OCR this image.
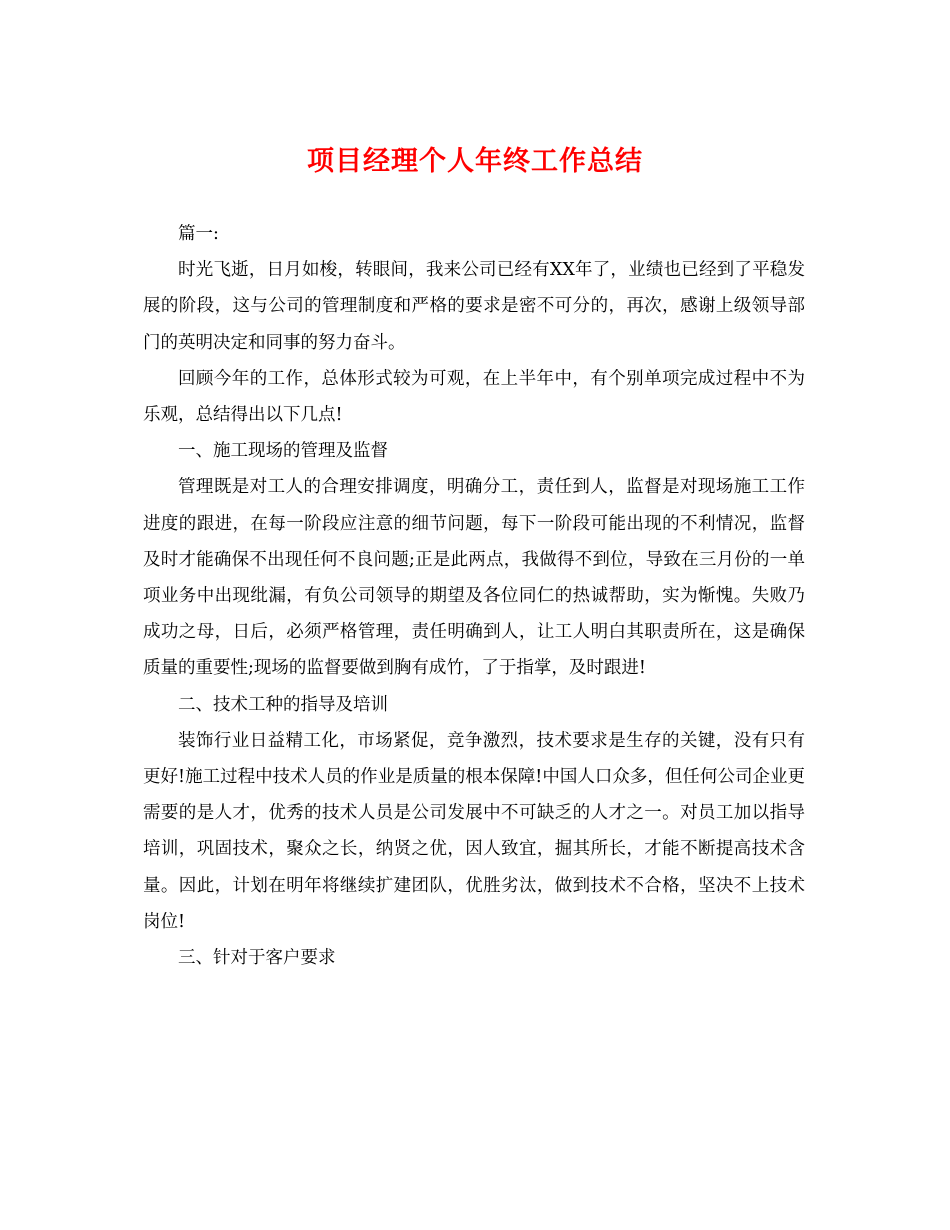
项目经理个人年终工作总结

篇一:

时光飞逝，日月如梭，转眼间，我来公司已经有XX年了，业绩也已经到了平稳发展的阶段，这与公司的管理制度和严格的要求是密不可分的，再次，感谢上级领导部门的英明决定和同事的努力奋斗。

回顾今年的工作，总体形式较为可观，在上半年中，有个别单项完成过程中不为乐观，总结得出以下几点!

一、施工现场的管理及监督

管理既是对工人的合理安排调度，明确分工，责任到人，监督是对现场施工工作进度的跟进，在每一阶段应注意的细节问题，每下一阶段可能出现的不利情况，监督及时才能确保不出现任何不良问题;正是此两点，我做得不到位，导致在三月份的一单项业务中出现纰漏，有负公司领导的期望及各位同仁的热诚帮助，实为惭愧。失败乃成功之母，日后，必须严格管理，责任明确到人，让工人明白其职责所在，这是确保质量的重要性;现场的监督要做到胸有成竹，了于指掌，及时跟进!

二、技术工种的指导及培训

装饰行业日益精工化，市场紧促，竞争激烈，技术要求是生存的关键，没有只有更好!施工过程中技术人员的作业是质量的根本保障!中国人口众多，但任何公司企业更需要的是人才，优秀的技术人员是公司发展中不可缺乏的人才之一。对员工加以指导培训，巩固技术，聚众之长，纳贤之优，因人致宜，掘其所长，才能不断提高技术含量。因此，计划在明年将继续扩建团队，优胜劣汰，做到技术不合格，坚决不上技术岗位!

三、针对于客户要求
